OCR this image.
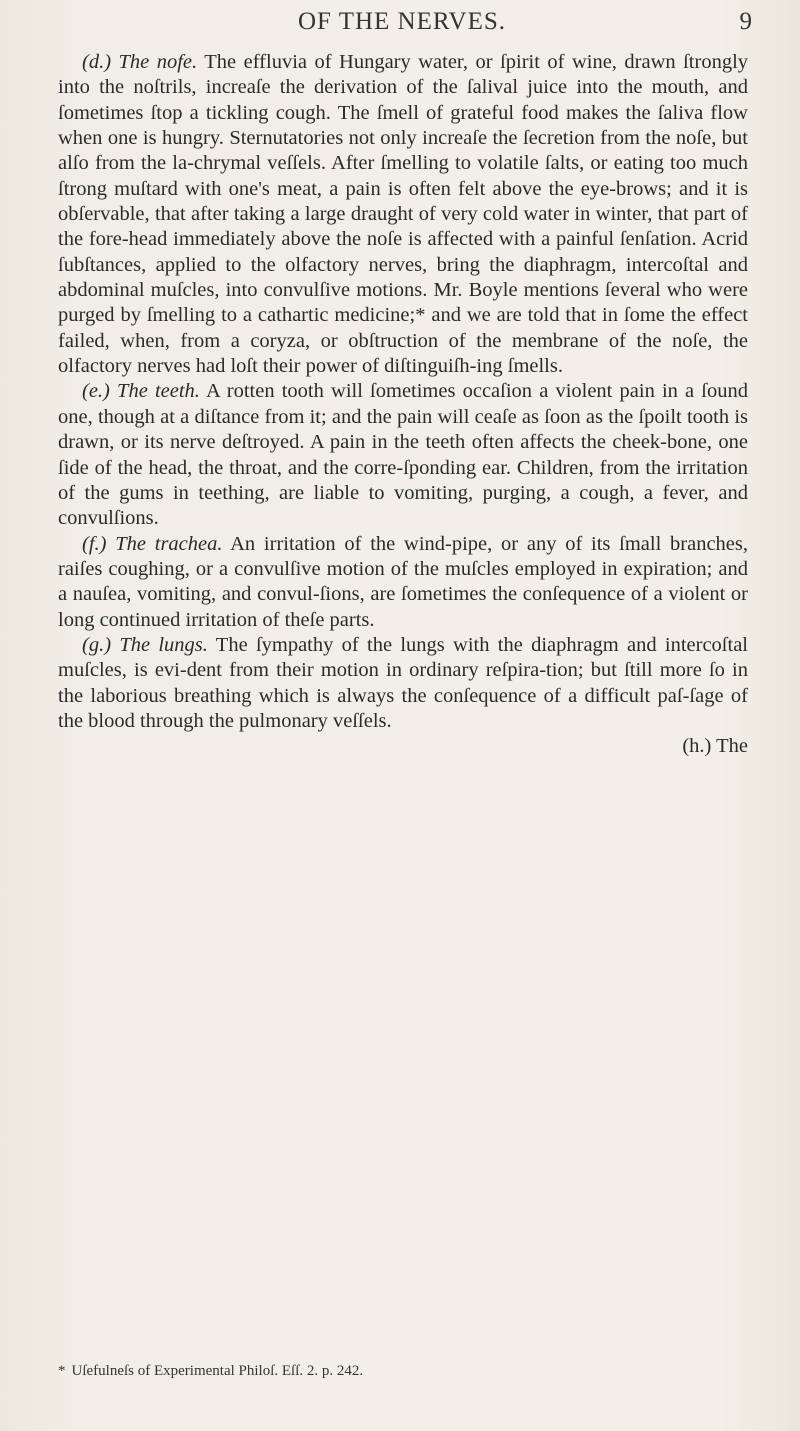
OF THE NERVES.	9

(d.) The nofe. The effluvia of Hungary water, or ſpirit of wine, drawn ſtrongly into the noſtrils, increaſe the derivation of the ſalival juice into the mouth, and ſometimes ſtop a tickling cough. The ſmell of grateful food makes the ſaliva flow when one is hungry. Sternutatories not only increaſe the ſecretion from the noſe, but alſo from the la-chrymal veſſels. After ſmelling to volatile ſalts, or eating too much ſtrong muſtard with one's meat, a pain is often felt above the eye-brows; and it is obſervable, that after taking a large draught of very cold water in winter, that part of the fore-head immediately above the noſe is affected with a painful ſenſation. Acrid ſubſtances, applied to the olfactory nerves, bring the diaphragm, intercoſtal and abdominal muſcles, into convulſive motions. Mr. Boyle mentions ſeveral who were purged by ſmelling to a cathartic medicine;* and we are told that in ſome the effect failed, when, from a coryza, or obſtruction of the membrane of the noſe, the olfactory nerves had loſt their power of diſtinguiſh-ing ſmells.

(e.) The teeth. A rotten tooth will ſometimes occaſion a violent pain in a ſound one, though at a diſtance from it; and the pain will ceaſe as ſoon as the ſpoilt tooth is drawn, or its nerve deſtroyed. A pain in the teeth often affects the cheek-bone, one ſide of the head, the throat, and the corre-ſponding ear. Children, from the irritation of the gums in teething, are liable to vomiting, purging, a cough, a fever, and convulſions.

(f.) The trachea. An irritation of the wind-pipe, or any of its ſmall branches, raiſes coughing, or a convulſive motion of the muſcles employed in expiration; and a nauſea, vomiting, and convul-ſions, are ſometimes the conſequence of a violent or long continued irritation of theſe parts.

(g.) The lungs. The ſympathy of the lungs with the diaphragm and intercoſtal muſcles, is evi-dent from their motion in ordinary reſpira-tion; but ſtill more ſo in the laborious breathing which is always the conſequence of a difficult paſ-ſage of the blood through the pulmonary veſſels.

(h.) The

* Uſefulneſs of Experimental Philoſ. Eſſ. 2. p. 242.
